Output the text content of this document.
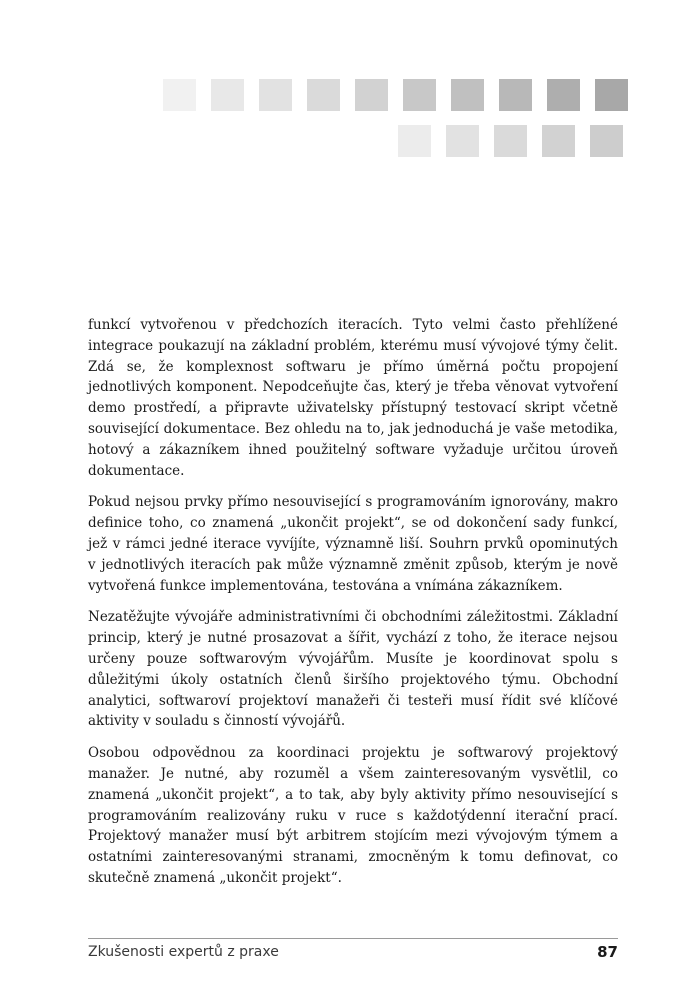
funkcí vytvořenou v předchozích iteracích. Tyto velmi často přehlížené integrace poukazují na základní problém, kterému musí vývojové týmy čelit. Zdá se, že komplexnost softwaru je přímo úměrná počtu propojení jednotlivých komponent. Nepodceňujte čas, který je třeba věnovat vytvoření demo prostředí, a připravte uživatelsky přístupný testovací skript včetně související dokumentace. Bez ohledu na to, jak jednoduchá je vaše metodika, hotový a zákazníkem ihned použitelný software vyžaduje určitou úroveň dokumentace.

Pokud nejsou prvky přímo nesouvisející s programováním ignorovány, makro definice toho, co znamená „ukončit projekt“, se od dokončení sady funkcí, jež v rámci jedné iterace vyvíjíte, významně liší. Souhrn prvků opominutých v jednotlivých iteracích pak může významně změnit způsob, kterým je nově vytvořená funkce implementována, testována a vnímána zákazníkem.

Nezatěžujte vývojáře administrativními či obchodními záležitostmi. Základní princip, který je nutné prosazovat a šířit, vychází z toho, že iterace nejsou určeny pouze softwarovým vývojářům. Musíte je koordinovat spolu s důležitými úkoly ostatních členů širšího projektového týmu. Obchodní analytici, softwaroví projektoví manažeři či testeři musí řídit své klíčové aktivity v souladu s činností vývojářů.

Osobou odpovědnou za koordinaci projektu je softwarový projektový manažer. Je nutné, aby rozuměl a všem zainteresovaným vysvětlil, co znamená „ukončit projekt“, a to tak, aby byly aktivity přímo nesouvisející s programováním realizovány ruku v ruce s každotýdenní iterační prací. Projektový manažer musí být arbitrem stojícím mezi vývojovým týmem a ostatními zainteresovanými stranami, zmocněným k tomu definovat, co skutečně znamená „ukončit projekt“.

Zkušenosti expertů z praxe	87
